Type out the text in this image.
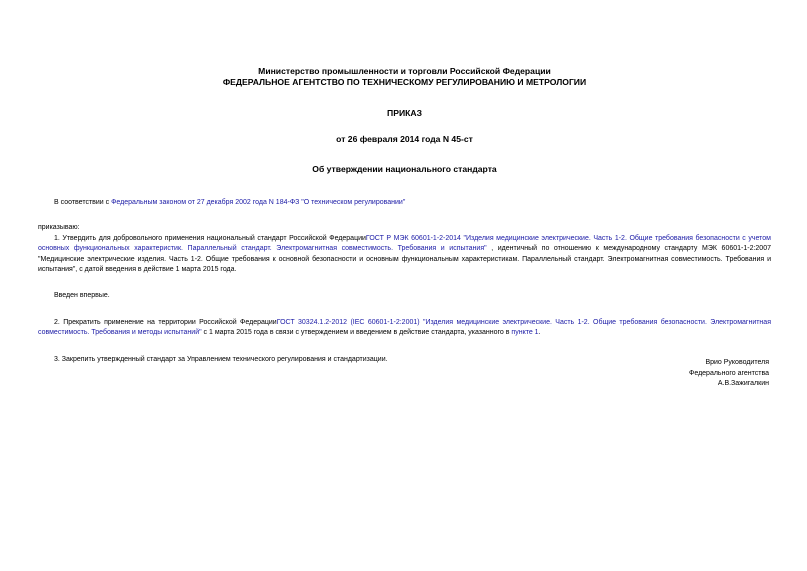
Министерство промышленности и торговли Российской Федерации

ФЕДЕРАЛЬНОЕ АГЕНТСТВО ПО ТЕХНИЧЕСКОМУ РЕГУЛИРОВАНИЮ И МЕТРОЛОГИИ

ПРИКАЗ

от 26 февраля 2014 года N 45-ст

Об утверждении национального стандарта

В соответствии с Федеральным законом от 27 декабря 2002 года N 184-ФЗ "О техническом регулировании"

приказываю:

1. Утвердить для добровольного применения национальный стандарт Российской ФедерацииГОСТ Р МЭК 60601-1-2-2014 "Изделия медицинские электрические. Часть 1-2. Общие требования безопасности с учетом основных функциональных характеристик. Параллельный стандарт. Электромагнитная совместимость. Требования и испытания" , идентичный по отношению к международному стандарту МЭК 60601-1-2:2007 "Медицинские электрические изделия. Часть 1-2. Общие требования к основной безопасности и основным функциональным характеристикам. Параллельный стандарт. Электромагнитная совместимость. Требования и испытания", с датой введения в действие 1 марта 2015 года.

Введен впервые.

2. Прекратить применение на территории Российской ФедерацииГОСТ 30324.1.2-2012 (IEC 60601-1-2:2001) "Изделия медицинские электрические. Часть 1-2. Общие требования безопасности. Электромагнитная совместимость. Требования и методы испытаний" с 1 марта 2015 года в связи с утверждением и введением в действие стандарта, указанного в пункте 1.

3. Закрепить утвержденный стандарт за Управлением технического регулирования и стандартизации.	Врио Руководителя
Федерального агентства
А.В.Зажигалкин
